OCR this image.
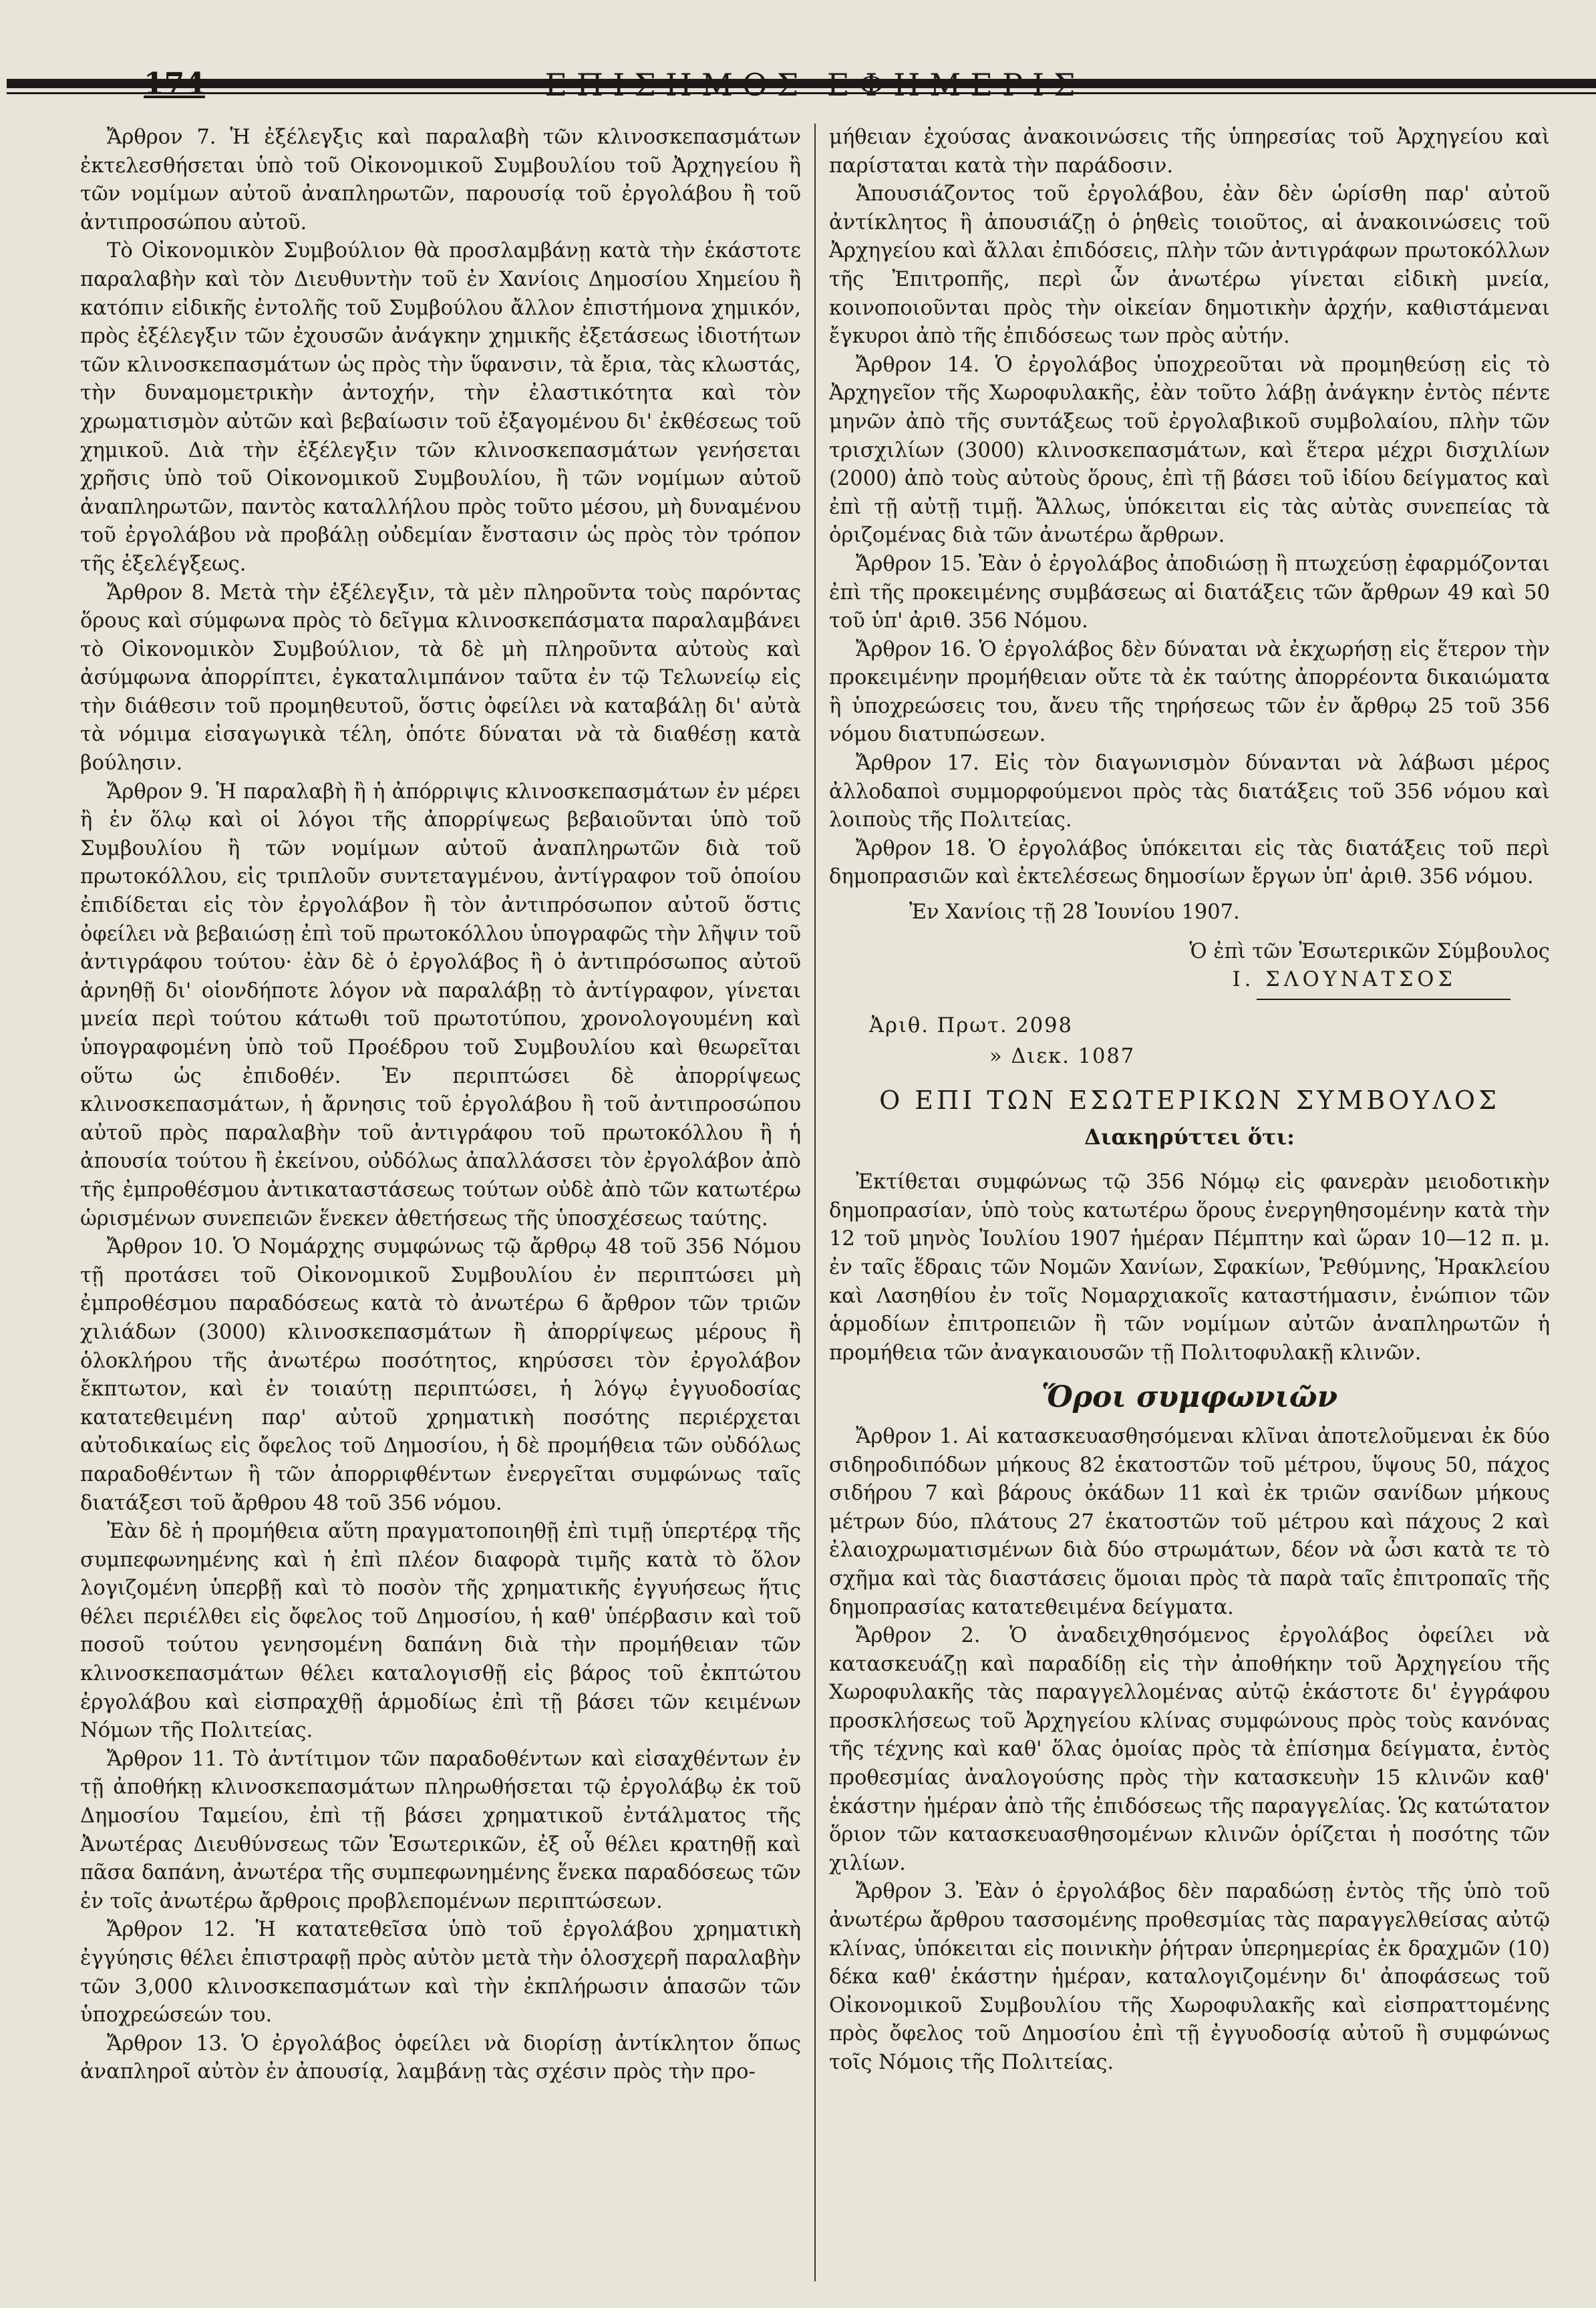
Ἄρθρον 7. Ἡ ἐξέλεγξις καὶ παραλαβὴ τῶν κλινοσκεπασμάτων ἐκτελεσθήσεται ὑπὸ τοῦ Οἰκονομικοῦ Συμβουλίου τοῦ Ἀρχηγείου ἢ τῶν νομίμων αὐτοῦ ἀναπληρωτῶν, παρουσίᾳ τοῦ ἐργολάβου ἢ τοῦ ἀντιπροσώπου αὐτοῦ.

Τὸ Οἰκονομικὸν Συμβούλιον θὰ προσλαμβάνῃ κατὰ τὴν ἑκάστοτε παραλαβὴν καὶ τὸν Διευθυντὴν τοῦ ἐν Χανίοις Δημοσίου Χημείου ἢ κατόπιν εἰδικῆς ἐντολῆς τοῦ Συμβούλου ἄλλον ἐπιστήμονα χημικόν, πρὸς ἐξέλεγξιν τῶν ἐχουσῶν ἀνάγκην χημικῆς ἐξετάσεως ἰδιοτήτων τῶν κλινοσκεπασμάτων ὡς πρὸς τὴν ὕφανσιν, τὰ ἔρια, τὰς κλωστάς, τὴν δυναμομετρικὴν ἀντοχήν, τὴν ἐλαστικότητα καὶ τὸν χρωματισμὸν αὐτῶν καὶ βεβαίωσιν τοῦ ἐξαγομένου δι' ἐκθέσεως τοῦ χημικοῦ. Διὰ τὴν ἐξέλεγξιν τῶν κλινοσκεπασμάτων γενήσεται χρῆσις ὑπὸ τοῦ Οἰκονομικοῦ Συμβουλίου, ἢ τῶν νομίμων αὐτοῦ ἀναπληρωτῶν, παντὸς καταλλήλου πρὸς τοῦτο μέσου, μὴ δυναμένου τοῦ ἐργολάβου νὰ προβάλῃ οὐδεμίαν ἔνστασιν ὡς πρὸς τὸν τρόπον τῆς ἐξελέγξεως.

Ἄρθρον 8. Μετὰ τὴν ἐξέλεγξιν, τὰ μὲν πληροῦντα τοὺς παρόντας ὅρους καὶ σύμφωνα πρὸς τὸ δεῖγμα κλινοσκεπάσματα παραλαμβάνει τὸ Οἰκονομικὸν Συμβούλιον, τὰ δὲ μὴ πληροῦντα αὐτοὺς καὶ ἀσύμφωνα ἀπορρίπτει, ἐγκαταλιμπάνον ταῦτα ἐν τῷ Τελωνείῳ εἰς τὴν διάθεσιν τοῦ προμηθευτοῦ, ὅστις ὀφείλει νὰ καταβάλῃ δι' αὐτὰ τὰ νόμιμα εἰσαγωγικὰ τέλη, ὁπότε δύναται νὰ τὰ διαθέσῃ κατὰ βούλησιν.

Ἄρθρον 9. Ἡ παραλαβὴ ἢ ἡ ἀπόρριψις κλινοσκεπασμάτων ἐν μέρει ἢ ἐν ὅλῳ καὶ οἱ λόγοι τῆς ἀπορρίψεως βεβαιοῦνται ὑπὸ τοῦ Συμβουλίου ἢ τῶν νομίμων αὐτοῦ ἀναπληρωτῶν διὰ τοῦ πρωτοκόλλου, εἰς τριπλοῦν συντεταγμένου, ἀντίγραφον τοῦ ὁποίου ἐπιδίδεται εἰς τὸν ἐργολάβον ἢ τὸν ἀντιπρόσωπον αὐτοῦ ὅστις ὀφείλει νὰ βεβαιώσῃ ἐπὶ τοῦ πρωτοκόλλου ὑπογραφῶς τὴν λῆψιν τοῦ ἀντιγράφου τούτου· ἐὰν δὲ ὁ ἐργολάβος ἢ ὁ ἀντιπρόσωπος αὐτοῦ ἀρνηθῇ δι' οἱονδήποτε λόγον νὰ παραλάβῃ τὸ ἀντίγραφον, γίνεται μνεία περὶ τούτου κάτωθι τοῦ πρωτοτύπου, χρονολογουμένη καὶ ὑπογραφομένη ὑπὸ τοῦ Προέδρου τοῦ Συμβουλίου καὶ θεωρεῖται οὕτω ὡς ἐπιδοθέν. Ἐν περιπτώσει δὲ ἀπορρίψεως κλινοσκεπασμάτων, ἡ ἄρνησις τοῦ ἐργολάβου ἢ τοῦ ἀντιπροσώπου αὐτοῦ πρὸς παραλαβὴν τοῦ ἀντιγράφου τοῦ πρωτοκόλλου ἢ ἡ ἀπουσία τούτου ἢ ἐκείνου, οὐδόλως ἀπαλλάσσει τὸν ἐργολάβον ἀπὸ τῆς ἐμπροθέσμου ἀντικαταστάσεως τούτων οὐδὲ ἀπὸ τῶν κατωτέρω ὡρισμένων συνεπειῶν ἕνεκεν ἀθετήσεως τῆς ὑποσχέσεως ταύτης.

Ἄρθρον 10. Ὁ Νομάρχης συμφώνως τῷ ἄρθρῳ 48 τοῦ 356 Νόμου τῇ προτάσει τοῦ Οἰκονομικοῦ Συμβουλίου ἐν περιπτώσει μὴ ἐμπροθέσμου παραδόσεως κατὰ τὸ ἀνωτέρω 6 ἄρθρον τῶν τριῶν χιλιάδων (3000) κλινοσκεπασμάτων ἢ ἀπορρίψεως μέρους ἢ ὁλοκλήρου τῆς ἀνωτέρω ποσότητος, κηρύσσει τὸν ἐργολάβον ἔκπτωτον, καὶ ἐν τοιαύτῃ περιπτώσει, ἡ λόγῳ ἐγγυοδοσίας κατατεθειμένη παρ' αὐτοῦ χρηματικὴ ποσότης περιέρχεται αὐτοδικαίως εἰς ὄφελος τοῦ Δημοσίου, ἡ δὲ προμήθεια τῶν οὐδόλως παραδοθέντων ἢ τῶν ἀπορριφθέντων ἐνεργεῖται συμφώνως ταῖς διατάξεσι τοῦ ἄρθρου 48 τοῦ 356 νόμου.

Ἐὰν δὲ ἡ προμήθεια αὕτη πραγματοποιηθῇ ἐπὶ τιμῇ ὑπερτέρᾳ τῆς συμπεφωνημένης καὶ ἡ ἐπὶ πλέον διαφορὰ τιμῆς κατὰ τὸ ὅλον λογιζομένη ὑπερβῇ καὶ τὸ ποσὸν τῆς χρηματικῆς ἐγγυήσεως ἥτις θέλει περιέλθει εἰς ὄφελος τοῦ Δημοσίου, ἡ καθ' ὑπέρβασιν καὶ τοῦ ποσοῦ τούτου γενησομένη δαπάνη διὰ τὴν προμήθειαν τῶν κλινοσκεπασμάτων θέλει καταλογισθῇ εἰς βάρος τοῦ ἐκπτώτου ἐργολάβου καὶ εἰσπραχθῇ ἁρμοδίως ἐπὶ τῇ βάσει τῶν κειμένων Νόμων τῆς Πολιτείας.

Ἄρθρον 11. Τὸ ἀντίτιμον τῶν παραδοθέντων καὶ εἰσαχθέντων ἐν τῇ ἀποθήκῃ κλινοσκεπασμάτων πληρωθήσεται τῷ ἐργολάβῳ ἐκ τοῦ Δημοσίου Ταμείου, ἐπὶ τῇ βάσει χρηματικοῦ ἐντάλματος τῆς Ἀνωτέρας Διευθύνσεως τῶν Ἐσωτερικῶν, ἐξ οὗ θέλει κρατηθῇ καὶ πᾶσα δαπάνη, ἀνωτέρα τῆς συμπεφωνημένης ἕνεκα παραδόσεως τῶν ἐν τοῖς ἀνωτέρω ἄρθροις προβλεπομένων περιπτώσεων.

Ἄρθρον 12. Ἡ κατατεθεῖσα ὑπὸ τοῦ ἐργολάβου χρηματικὴ ἐγγύησις θέλει ἐπιστραφῇ πρὸς αὐτὸν μετὰ τὴν ὁλοσχερῆ παραλαβὴν τῶν 3,000 κλινοσκεπασμάτων καὶ τὴν ἐκπλήρωσιν ἁπασῶν τῶν ὑποχρεώσεών του.

Ἄρθρον 13. Ὁ ἐργολάβος ὀφείλει νὰ διορίσῃ ἀντίκλητον ὅπως ἀναπληροῖ αὐτὸν ἐν ἀπουσίᾳ, λαμβάνῃ τὰς σχέσιν πρὸς τὴν προ-

μήθειαν ἐχούσας ἀνακοινώσεις τῆς ὑπηρεσίας τοῦ Ἀρχηγείου καὶ παρίσταται κατὰ τὴν παράδοσιν.

Ἀπουσιάζοντος τοῦ ἐργολάβου, ἐὰν δὲν ὡρίσθη παρ' αὐτοῦ ἀντίκλητος ἢ ἀπουσιάζῃ ὁ ῥηθεὶς τοιοῦτος, αἱ ἀνακοινώσεις τοῦ Ἀρχηγείου καὶ ἄλλαι ἐπιδόσεις, πλὴν τῶν ἀντιγράφων πρωτοκόλλων τῆς Ἐπιτροπῆς, περὶ ὧν ἀνωτέρω γίνεται εἰδικὴ μνεία, κοινοποιοῦνται πρὸς τὴν οἰκείαν δημοτικὴν ἀρχήν, καθιστάμεναι ἔγκυροι ἀπὸ τῆς ἐπιδόσεως των πρὸς αὐτήν.

Ἄρθρον 14. Ὁ ἐργολάβος ὑποχρεοῦται νὰ προμηθεύσῃ εἰς τὸ Ἀρχηγεῖον τῆς Χωροφυλακῆς, ἐὰν τοῦτο λάβῃ ἀνάγκην ἐντὸς πέντε μηνῶν ἀπὸ τῆς συντάξεως τοῦ ἐργολαβικοῦ συμβολαίου, πλὴν τῶν τρισχιλίων (3000) κλινοσκεπασμάτων, καὶ ἕτερα μέχρι δισχιλίων (2000) ἀπὸ τοὺς αὐτοὺς ὅρους, ἐπὶ τῇ βάσει τοῦ ἰδίου δείγματος καὶ ἐπὶ τῇ αὐτῇ τιμῇ. Ἄλλως, ὑπόκειται εἰς τὰς αὐτὰς συνεπείας τὰ ὁριζομένας διὰ τῶν ἀνωτέρω ἄρθρων.

Ἄρθρον 15. Ἐὰν ὁ ἐργολάβος ἀποδιώσῃ ἢ πτωχεύσῃ ἐφαρμόζονται ἐπὶ τῆς προκειμένης συμβάσεως αἱ διατάξεις τῶν ἄρθρων 49 καὶ 50 τοῦ ὑπ' ἀριθ. 356 Νόμου.

Ἄρθρον 16. Ὁ ἐργολάβος δὲν δύναται νὰ ἐκχωρήσῃ εἰς ἕτερον τὴν προκειμένην προμήθειαν οὔτε τὰ ἐκ ταύτης ἀπορρέοντα δικαιώματα ἢ ὑποχρεώσεις του, ἄνευ τῆς τηρήσεως τῶν ἐν ἄρθρῳ 25 τοῦ 356 νόμου διατυπώσεων.

Ἄρθρον 17. Εἰς τὸν διαγωνισμὸν δύνανται νὰ λάβωσι μέρος ἀλλοδαποὶ συμμορφούμενοι πρὸς τὰς διατάξεις τοῦ 356 νόμου καὶ λοιποὺς τῆς Πολιτείας.

Ἄρθρον 18. Ὁ ἐργολάβος ὑπόκειται εἰς τὰς διατάξεις τοῦ περὶ δημοπρασιῶν καὶ ἐκτελέσεως δημοσίων ἔργων ὑπ' ἀριθ. 356 νόμου.

Ἐν Χανίοις τῇ 28 Ἰουνίου 1907.

Ὁ ἐπὶ τῶν Ἐσωτερικῶν Σύμβουλος

Ι. ΣΛΟΥΝΑΤΣΟΣ

Ἀριθ. Πρωτ. 2098

» Διεκ. 1087

Ο ΕΠΙ ΤΩΝ ΕΣΩΤΕΡΙΚΩΝ ΣΥΜΒΟΥΛΟΣ

Διακηρύττει ὅτι:

Ἐκτίθεται συμφώνως τῷ 356 Νόμῳ εἰς φανερὰν μειοδοτικὴν δημοπρασίαν, ὑπὸ τοὺς κατωτέρω ὅρους ἐνεργηθησομένην κατὰ τὴν 12 τοῦ μηνὸς Ἰουλίου 1907 ἡμέραν Πέμπτην καὶ ὥραν 10—12 π. μ. ἐν ταῖς ἕδραις τῶν Νομῶν Χανίων, Σφακίων, Ῥεθύμνης, Ἡρακλείου καὶ Λασηθίου ἐν τοῖς Νομαρχιακοῖς καταστήμασιν, ἐνώπιον τῶν ἁρμοδίων ἐπιτροπειῶν ἢ τῶν νομίμων αὐτῶν ἀναπληρωτῶν ἡ προμήθεια τῶν ἀναγκαιουσῶν τῇ Πολιτοφυλακῇ κλινῶν.

Ὅροι συμφωνιῶν

Ἄρθρον 1. Αἱ κατασκευασθησόμεναι κλῖναι ἀποτελοῦμεναι ἐκ δύο σιδηροδιπόδων μήκους 82 ἑκατοστῶν τοῦ μέτρου, ὕψους 50, πάχος σιδήρου 7 καὶ βάρους ὀκάδων 11 καὶ ἐκ τριῶν σανίδων μήκους μέτρων δύο, πλάτους 27 ἑκατοστῶν τοῦ μέτρου καὶ πάχους 2 καὶ ἐλαιοχρωματισμένων διὰ δύο στρωμάτων, δέον νὰ ὦσι κατὰ τε τὸ σχῆμα καὶ τὰς διαστάσεις ὅμοιαι πρὸς τὰ παρὰ ταῖς ἐπιτροπαῖς τῆς δημοπρασίας κατατεθειμένα δείγματα.

Ἄρθρον 2. Ὁ ἀναδειχθησόμενος ἐργολάβος ὀφείλει νὰ κατασκευάζῃ καὶ παραδίδῃ εἰς τὴν ἀποθήκην τοῦ Ἀρχηγείου τῆς Χωροφυλακῆς τὰς παραγγελλομένας αὐτῷ ἑκάστοτε δι' ἐγγράφου προσκλήσεως τοῦ Ἀρχηγείου κλίνας συμφώνους πρὸς τοὺς κανόνας τῆς τέχνης καὶ καθ' ὅλας ὁμοίας πρὸς τὰ ἐπίσημα δείγματα, ἐντὸς προθεσμίας ἀναλογούσης πρὸς τὴν κατασκευὴν 15 κλινῶν καθ' ἑκάστην ἡμέραν ἀπὸ τῆς ἐπιδόσεως τῆς παραγγελίας. Ὡς κατώτατον ὅριον τῶν κατασκευασθησομένων κλινῶν ὁρίζεται ἡ ποσότης τῶν χιλίων.

Ἄρθρον 3. Ἐὰν ὁ ἐργολάβος δὲν παραδώσῃ ἐντὸς τῆς ὑπὸ τοῦ ἀνωτέρω ἄρθρου τασσομένης προθεσμίας τὰς παραγγελθείσας αὐτῷ κλίνας, ὑπόκειται εἰς ποινικὴν ῥήτραν ὑπερημερίας ἐκ δραχμῶν (10) δέκα καθ' ἑκάστην ἡμέραν, καταλογιζομένην δι' ἀποφάσεως τοῦ Οἰκονομικοῦ Συμβουλίου τῆς Χωροφυλακῆς καὶ εἰσπραττομένης πρὸς ὄφελος τοῦ Δημοσίου ἐπὶ τῇ ἐγγυοδοσίᾳ αὐτοῦ ἢ συμφώνως τοῖς Νόμοις τῆς Πολιτείας.
